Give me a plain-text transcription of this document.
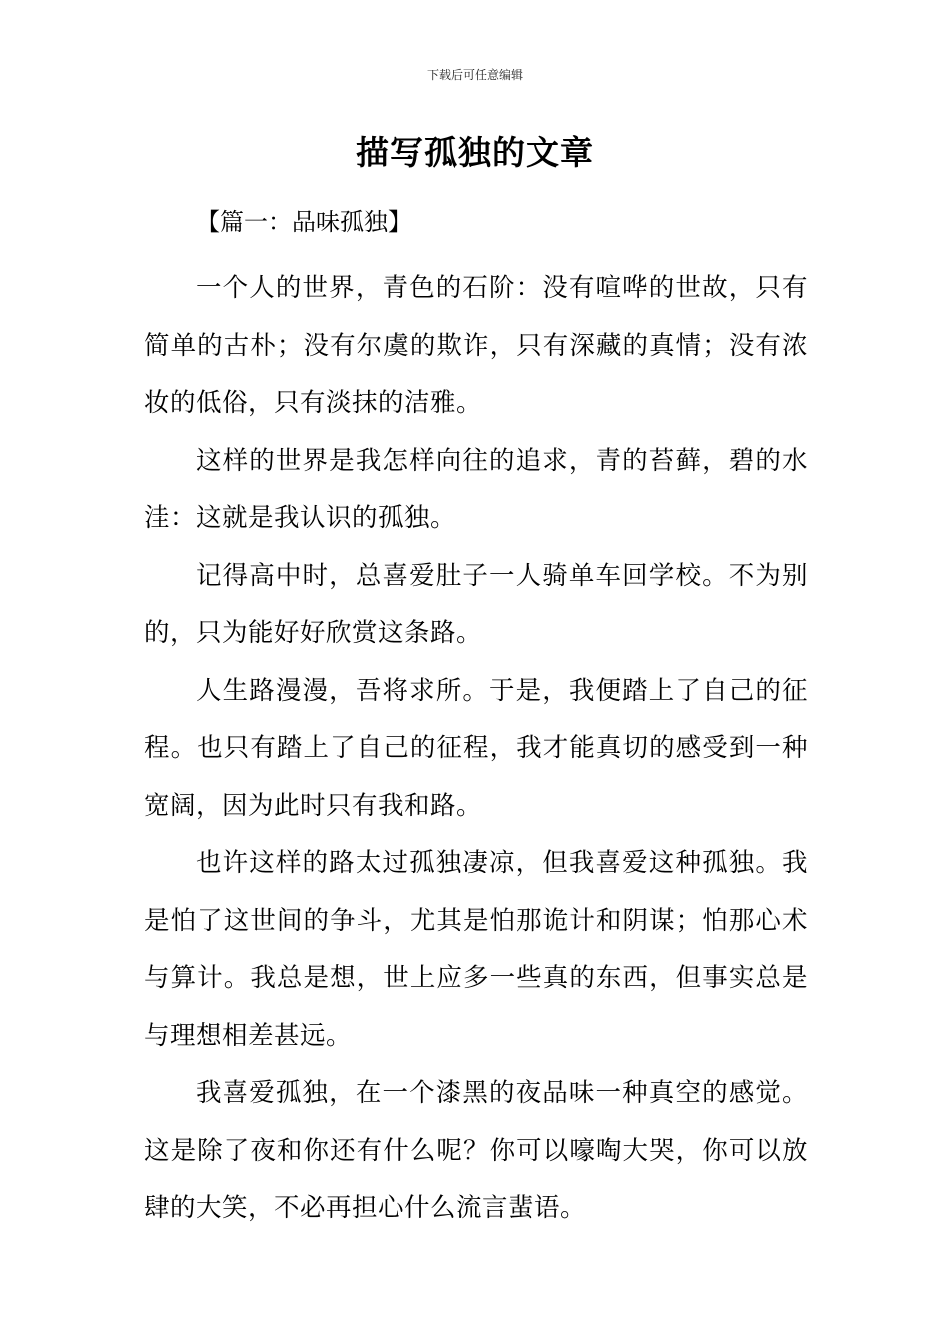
下载后可任意编辑
描写孤独的文章
【篇一：品味孤独】

一个人的世界，青色的石阶：没有喧哗的世故，只有简单的古朴；没有尔虞的欺诈，只有深藏的真情；没有浓妆的低俗，只有淡抹的洁雅。

这样的世界是我怎样向往的追求，青的苔藓，碧的水洼：这就是我认识的孤独。

记得高中时，总喜爱肚子一人骑单车回学校。不为别的，只为能好好欣赏这条路。

人生路漫漫，吾将求所。于是，我便踏上了自己的征程。也只有踏上了自己的征程，我才能真切的感受到一种宽阔，因为此时只有我和路。

也许这样的路太过孤独凄凉，但我喜爱这种孤独。我是怕了这世间的争斗，尤其是怕那诡计和阴谋；怕那心术与算计。我总是想，世上应多一些真的东西，但事实总是与理想相差甚远。

我喜爱孤独，在一个漆黑的夜品味一种真空的感觉。这是除了夜和你还有什么呢？你可以嚎啕大哭，你可以放肆的大笑，不必再担心什么流言蜚语。
